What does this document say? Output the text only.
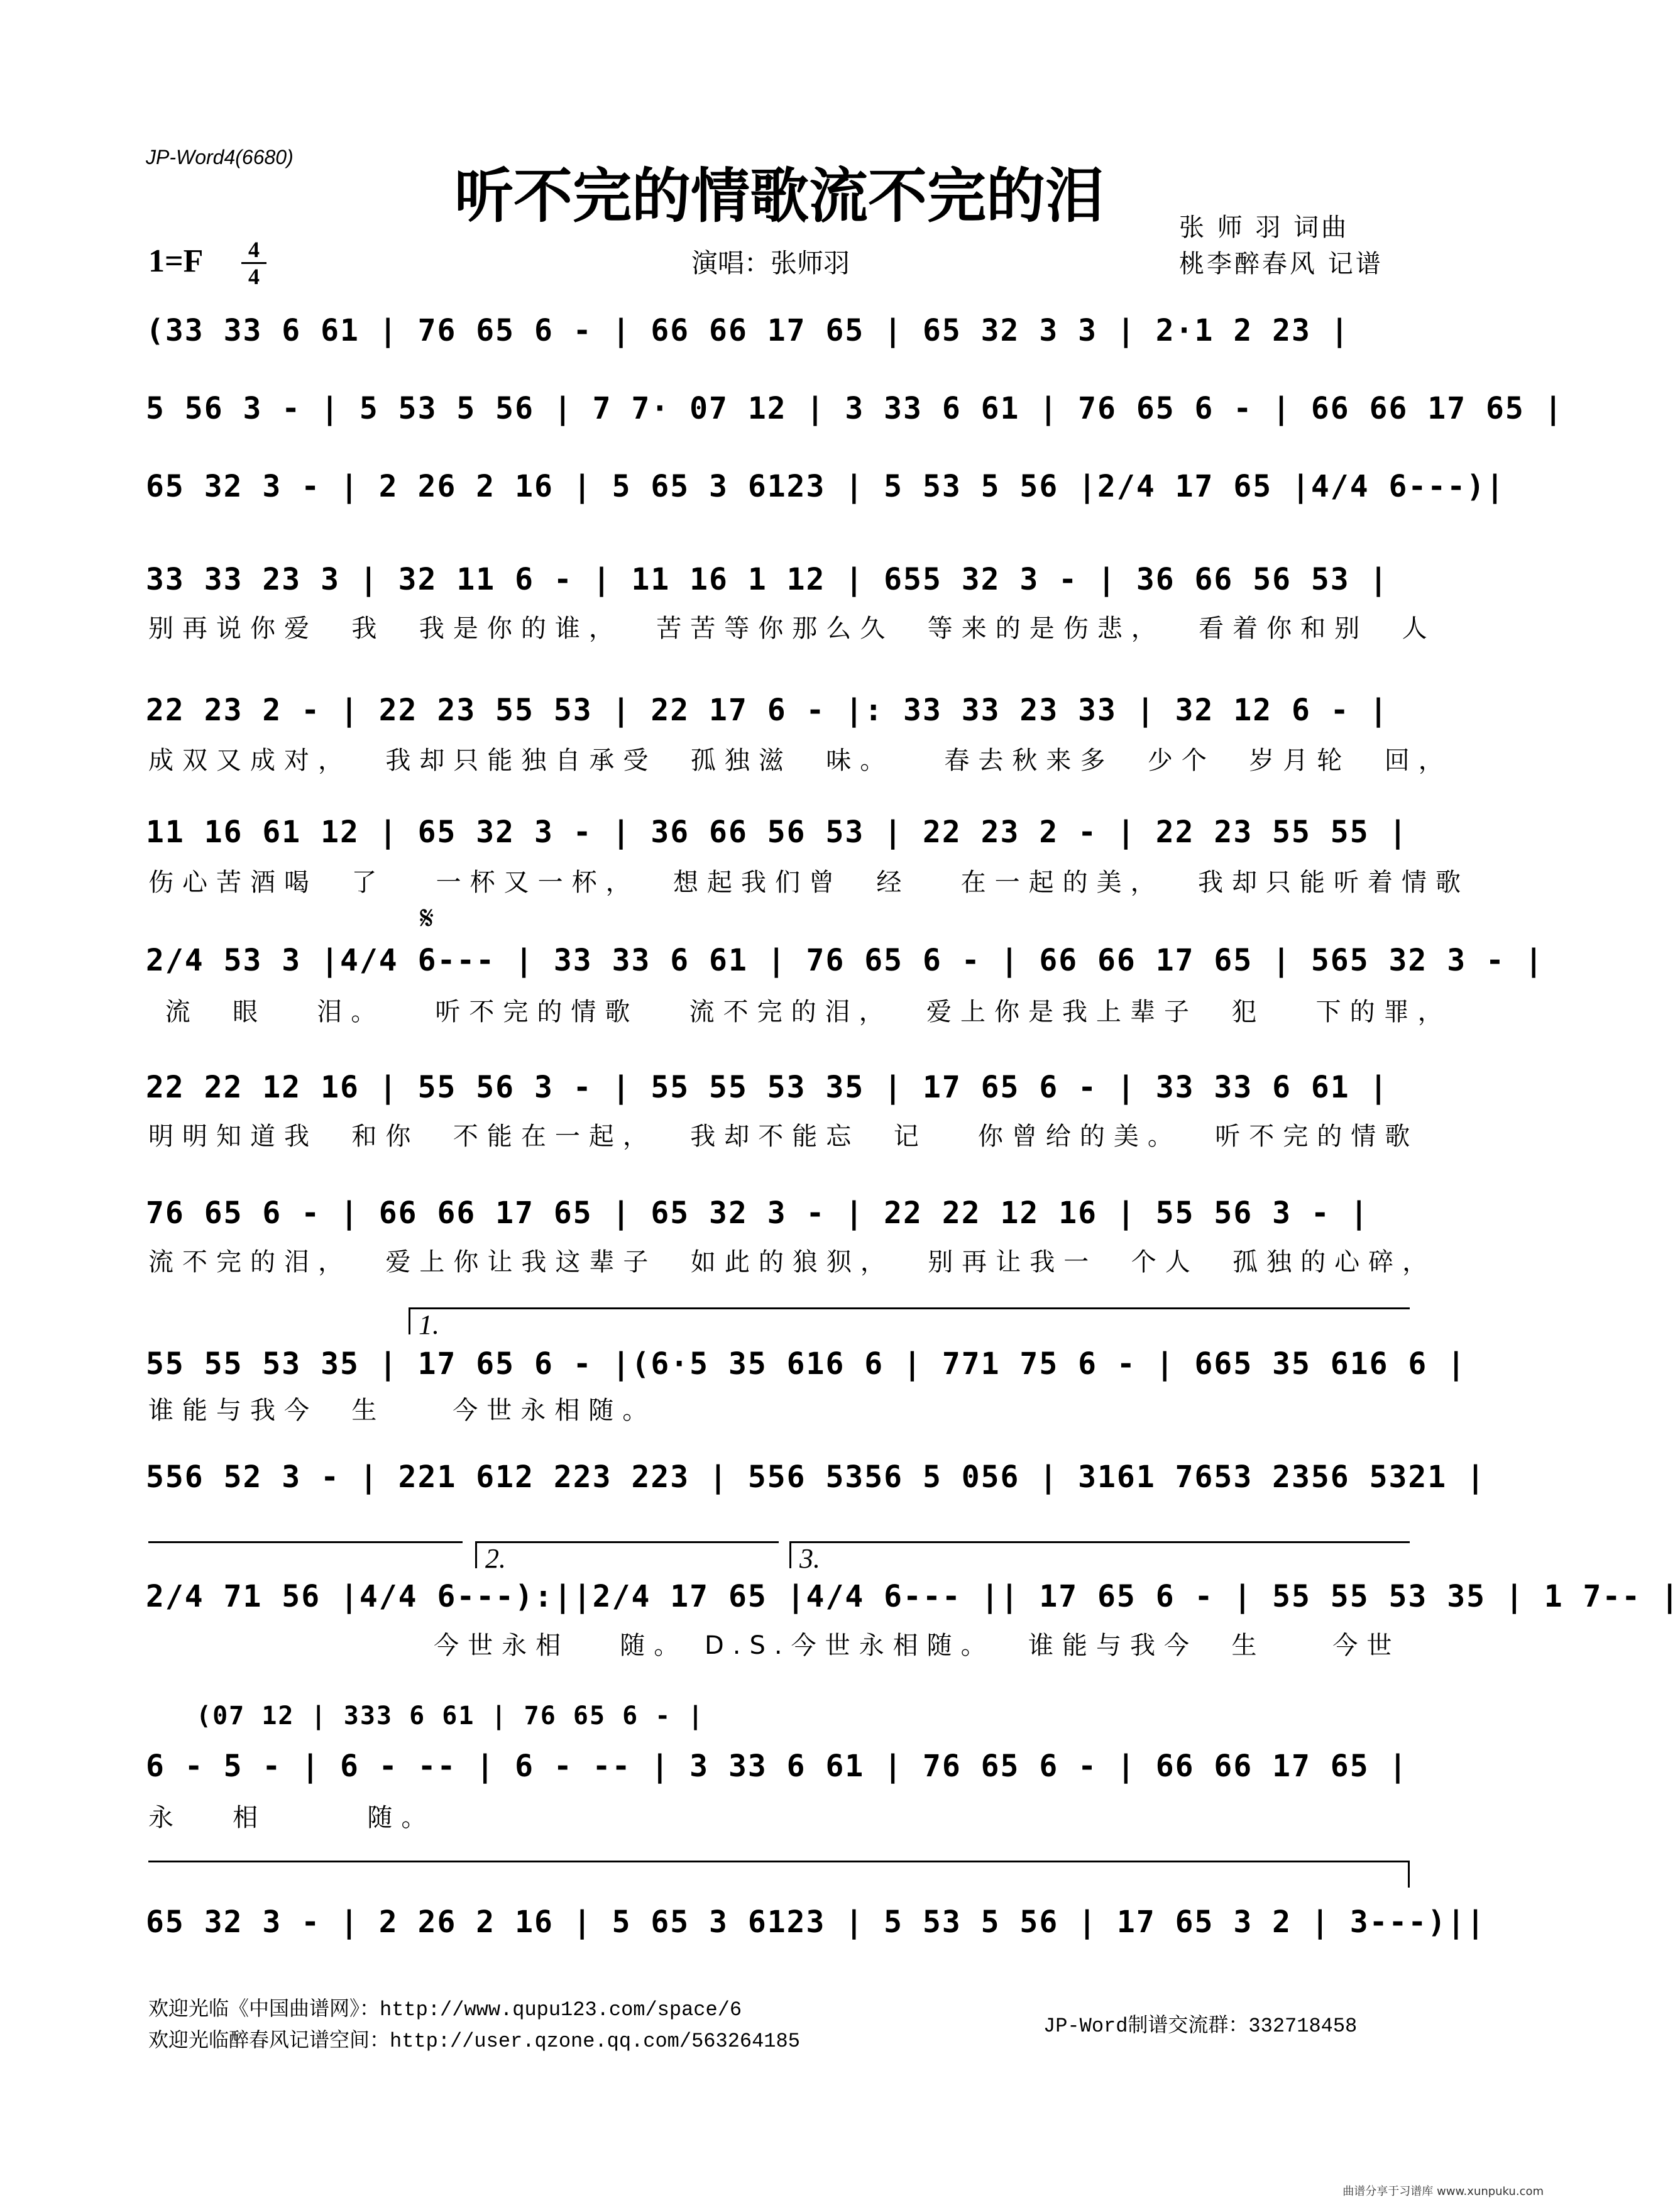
JP-Word4(6680)
听不完的情歌流不完的泪
1=F	4
4	演唱：张师羽
张 师 羽 词曲
桃李醉春风 记谱
(33 33 6 61 | 76 65 6 - | 66 66 17 65 | 65 32 3 3 | 2·1 2 23 |
5 56 3 - | 5 53 5 56 | 7 7· 07 12 | 3 33 6 61 | 76 65 6 - | 66 66 17 65 |
65 32 3 - | 2 26 2 16 | 5 65 3 6123 | 5 53 5 56 |2/4 17 65 |4/4 6---)|
33 33 23 3 | 32 11 6 - | 11 16 1 12 | 655 32 3 - | 36 66 56 53 |
别再说你爱  我  我是你的谁，  苦苦等你那么久  等来的是伤悲，  看着你和别  人
22 23 2 - | 22 23 55 53 | 22 17 6 - |: 33 33 23 33 | 32 12 6 - |
成双又成对，  我却只能独自承受  孤独滋  味。   春去秋来多  少个  岁月轮  回，
11 16 61 12 | 65 32 3 - | 36 66 56 53 | 22 23 2 - | 22 23 55 55 |
伤心苦酒喝  了   一杯又一杯，  想起我们曾  经   在一起的美，  我却只能听着情歌
𝄋
2/4 53 3 |4/4 6--- | 33 33 6 61 | 76 65 6 - | 66 66 17 65 | 565 32 3 - |
流  眼   泪。   听不完的情歌   流不完的泪，  爱上你是我上辈子  犯   下的罪，
22 22 12 16 | 55 56 3 - | 55 55 53 35 | 17 65 6 - | 33 33 6 61 |
明明知道我  和你  不能在一起，  我却不能忘  记   你曾给的美。  听不完的情歌
76 65 6 - | 66 66 17 65 | 65 32 3 - | 22 22 12 16 | 55 56 3 - |
流不完的泪，  爱上你让我这辈子  如此的狼狈，  别再让我一  个人  孤独的心碎，
1.
55 55 53 35 | 17 65 6 - |(6·5 35 616 6 | 771 75 6 - | 665 35 616 6 |
谁能与我今  生    今世永相随。
556 52 3 - | 221 612 223 223 | 556 5356 5 056 | 3161 7653 2356 5321 |
2.	3.
2/4 71 56 |4/4 6---):||2/4 17 65 |4/4 6--- || 17 65 6 - | 55 55 53 35 | 1 7-- |
今世永相   随。 D.S.今世永相随。  谁能与我今  生    今世
(07 12 | 333 6 61 | 76 65 6 - |
6 - 5 - | 6 - -- | 6 - -- | 3 33 6 61 | 76 65 6 - | 66 66 17 65 |
永   相      随。
65 32 3 - | 2 26 2 16 | 5 65 3 6123 | 5 53 5 56 | 17 65 3 2 | 3---)||
欢迎光临《中国曲谱网》：http://www.qupu123.com/space/6
欢迎光临醉春风记谱空间：http://user.qzone.qq.com/563264185
JP-Word制谱交流群：332718458
曲谱分享于习谱库 www.xunpuku.com
